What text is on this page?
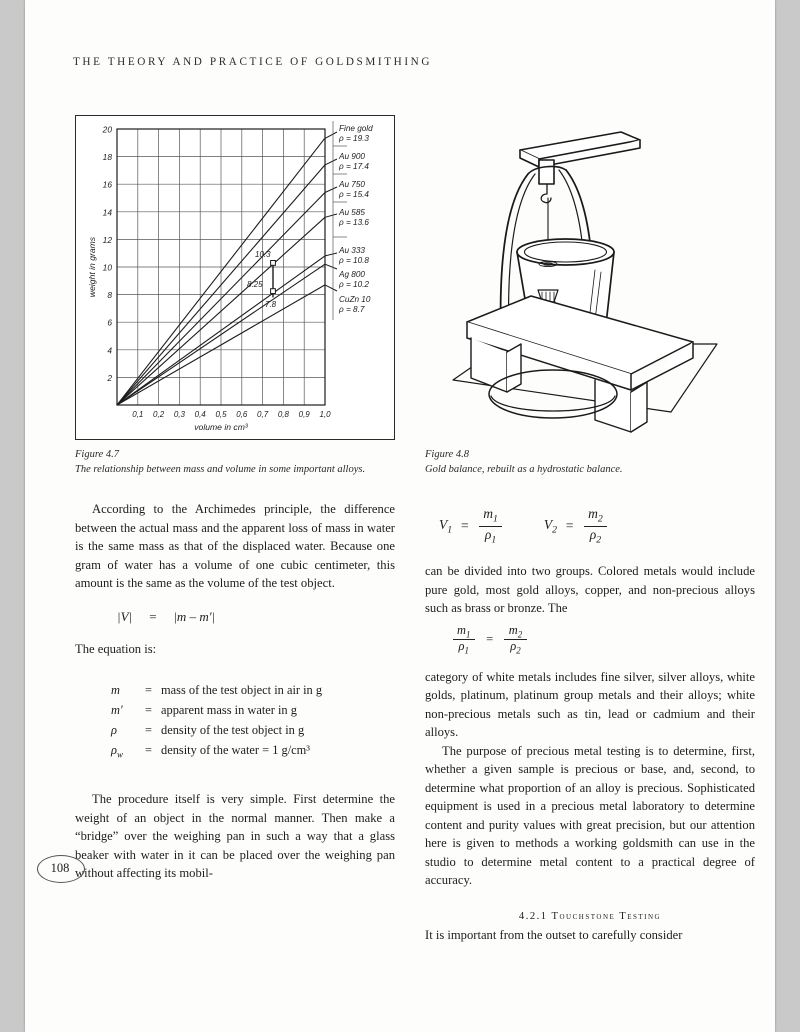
THE THEORY AND PRACTICE OF GOLDSMITHING
20
18
16
14
12
10
8
6
4
2
0,1 0,2 0,3 0,4 0,5 0,6 0,7 0,8 0,9 1,0
volume in cm³
weight in grams	10.3
8.25
7.8
Fine gold
ρ = 19.3
Au 900
ρ = 17.4
Au 750
ρ = 15.4
Au 585
ρ = 13.6
Au 333
ρ = 10.8
Ag 800
ρ = 10.2
CuZn 10
ρ = 8.7
Figure 4.7
The relationship between mass and volume in some important alloys.
Figure 4.8
Gold balance, rebuilt as a hydrostatic balance.

According to the Archimedes principle, the difference between the actual mass and the apparent loss of mass in water is the same mass as that of the displaced water. Because one gram of water has a volume of one cubic centimeter, this amount is the same as the volume of the test object.

|V|  =  |m – m′|

The equation is:

m	= mass of the test object in air in g
m′	= apparent mass in water in g
ρ	= density of the test object in g
$\rho_w$	= density of the water = 1 g/cm³

The procedure itself is very simple. First determine the weight of an object in the normal manner. Then make a “bridge” over the weighing pan in such a way that a glass beaker with water in it can be placed over the weighing pan without affecting its mobil-

108
$V_1 = \frac{m_1}{\rho_1}$	$V_2 = \frac{m_2}{\rho_2}$

can be divided into two groups. Colored metals would include pure gold, most gold alloys, copper, and non-precious alloys such as brass or bronze. The

$\frac{m_1}{\rho_1} = \frac{m_2}{\rho_2}$

category of white metals includes fine silver, silver alloys, white golds, platinum, platinum group metals and their alloys; white non-precious metals such as tin, lead or cadmium and their alloys.

The purpose of precious metal testing is to determine, first, whether a given sample is precious or base, and, second, to determine what proportion of an alloy is precious. Sophisticated equipment is used in a precious metal laboratory to determine content and purity values with great precision, but our attention here is given to methods a working goldsmith can use in the studio to determine metal content to a practical degree of accuracy.

4.2.1 Touchstone Testing

It is important from the outset to carefully consider
